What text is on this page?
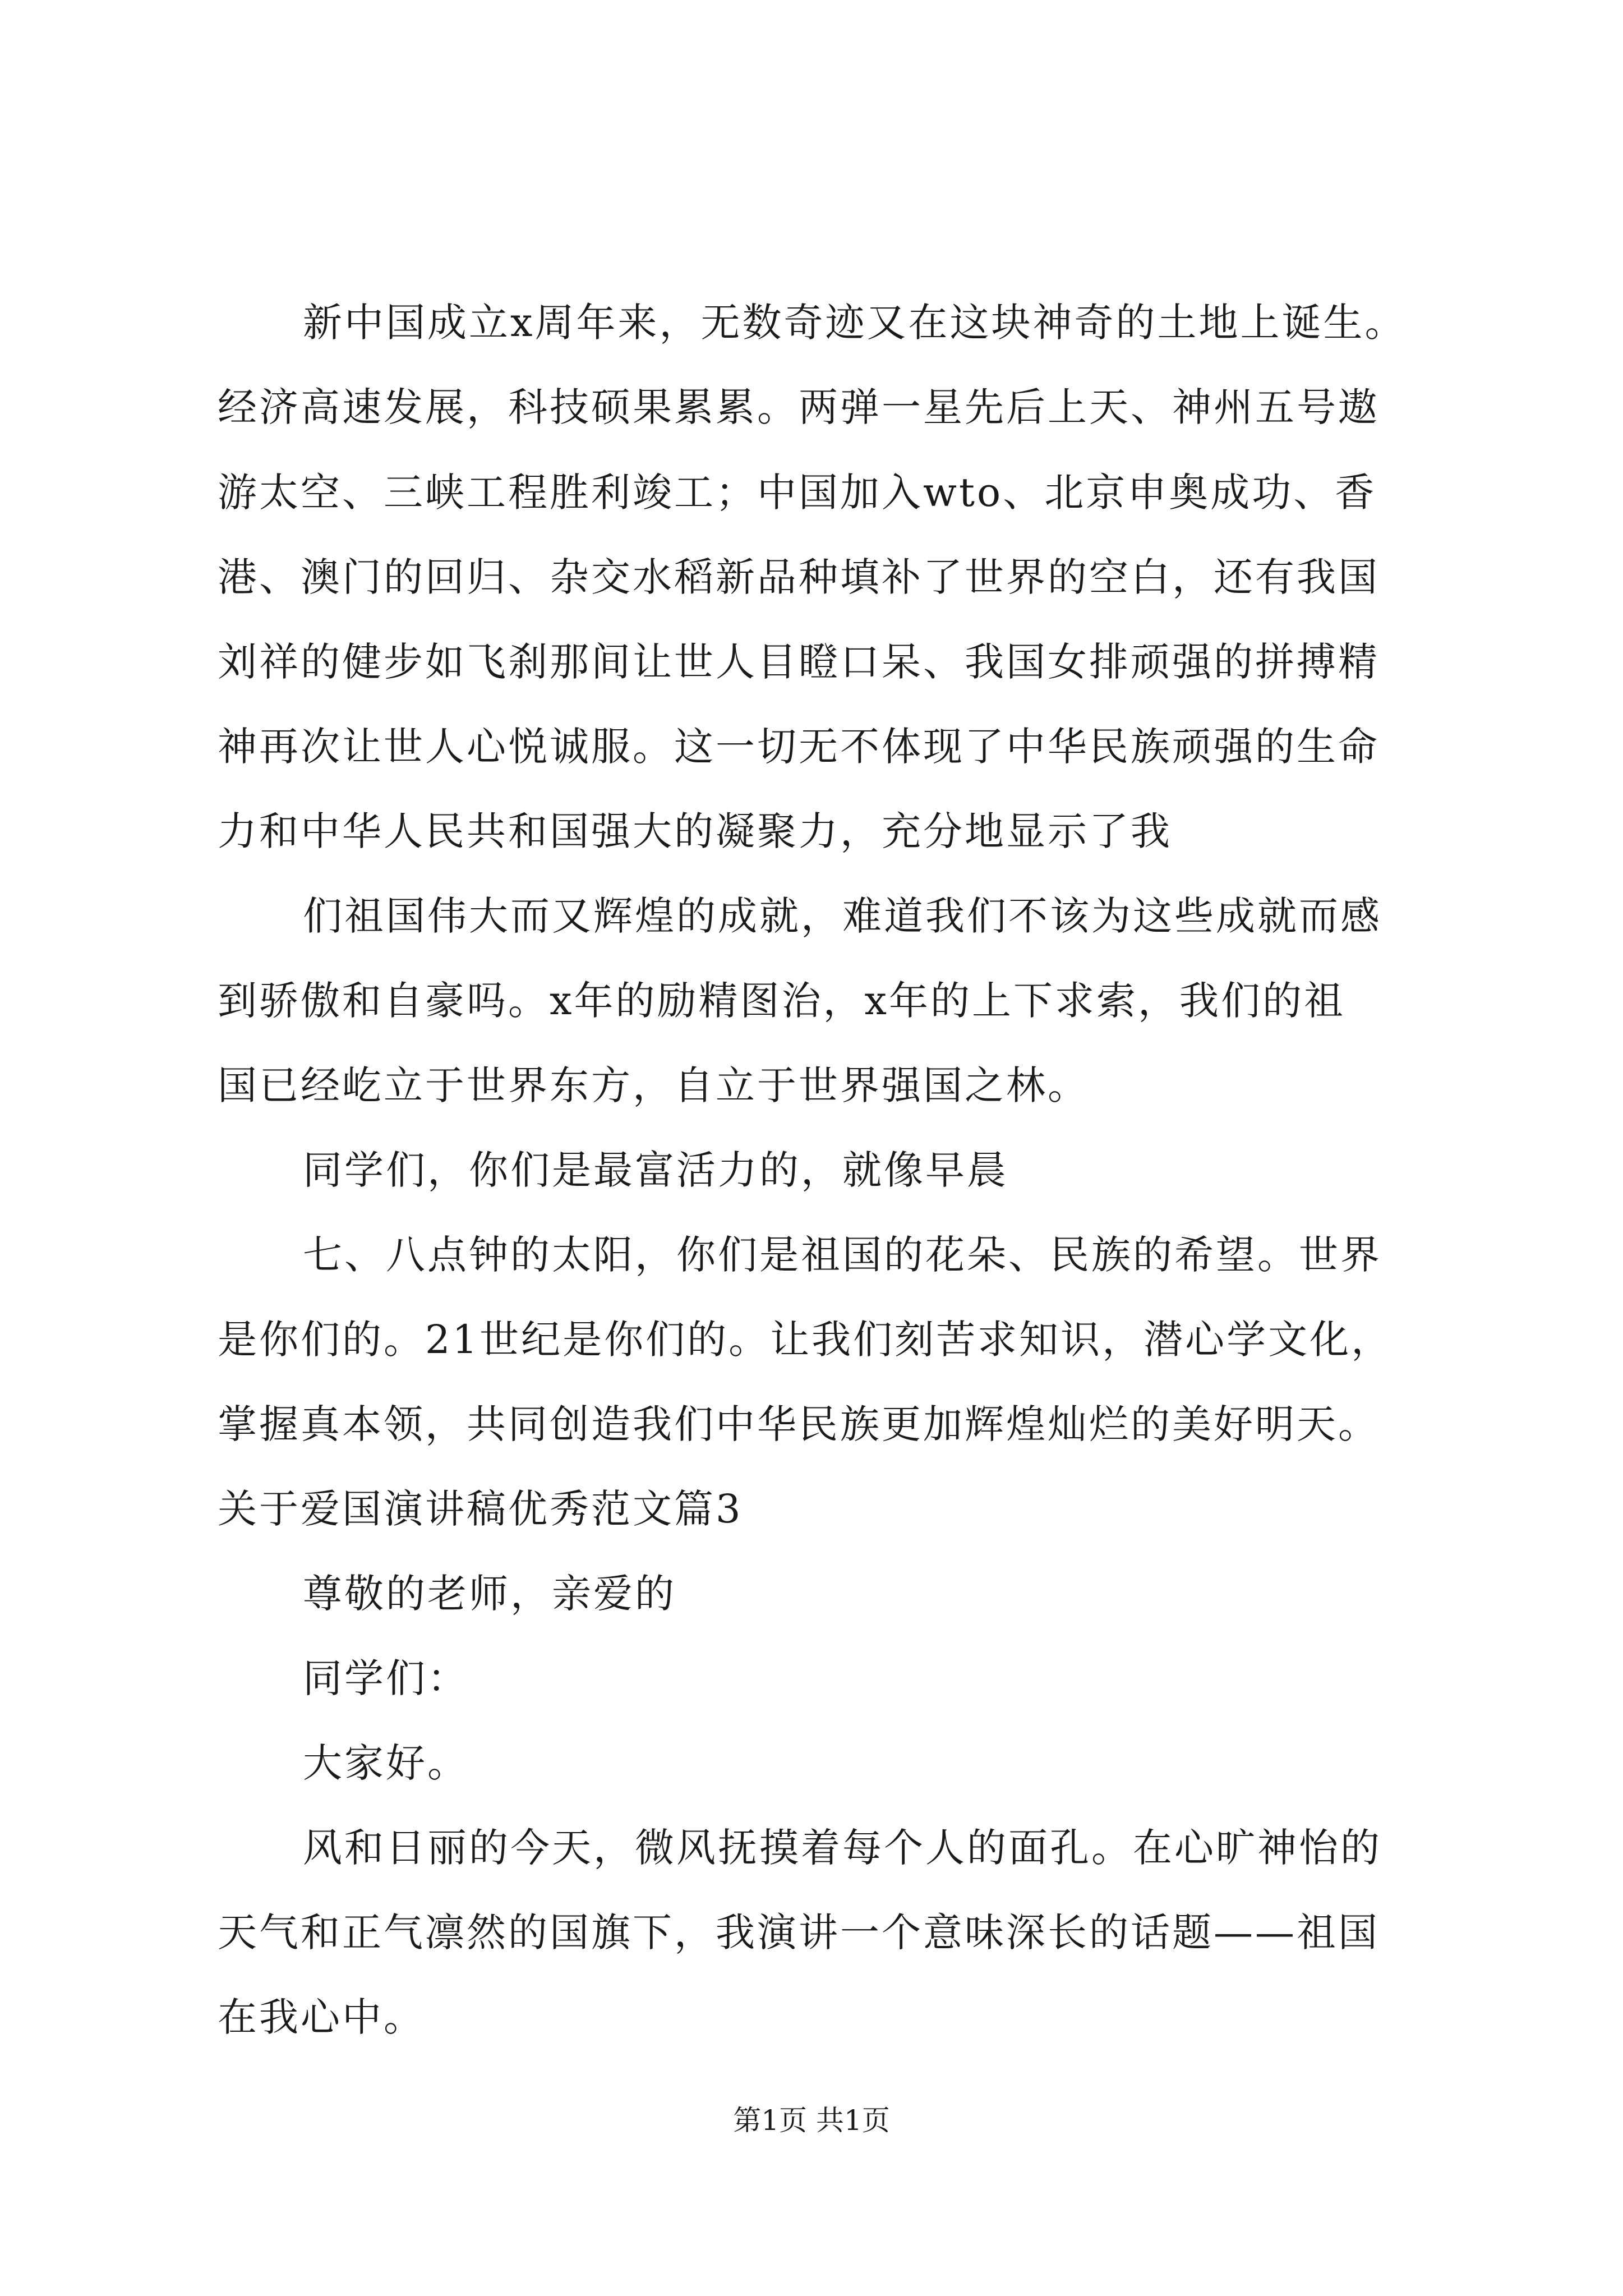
新中国成立x周年来，无数奇迹又在这块神奇的土地上诞生。
经济高速发展，科技硕果累累。两弹一星先后上天、神州五号遨
游太空、三峡工程胜利竣工；中国加入wto、北京申奥成功、香
港、澳门的回归、杂交水稻新品种填补了世界的空白，还有我国
刘祥的健步如飞刹那间让世人目瞪口呆、我国女排顽强的拼搏精
神再次让世人心悦诚服。这一切无不体现了中华民族顽强的生命
力和中华人民共和国强大的凝聚力，充分地显示了我
们祖国伟大而又辉煌的成就，难道我们不该为这些成就而感
到骄傲和自豪吗。x年的励精图治，x年的上下求索，我们的祖
国已经屹立于世界东方，自立于世界强国之林。
同学们，你们是最富活力的，就像早晨
七、八点钟的太阳，你们是祖国的花朵、民族的希望。世界
是你们的。21世纪是你们的。让我们刻苦求知识，潜心学文化，
掌握真本领，共同创造我们中华民族更加辉煌灿烂的美好明天。
关于爱国演讲稿优秀范文篇3
尊敬的老师，亲爱的
同学们：
大家好。
风和日丽的今天，微风抚摸着每个人的面孔。在心旷神怡的
天气和正气凛然的国旗下，我演讲一个意味深长的话题——祖国
在我心中。
第1页 共1页
